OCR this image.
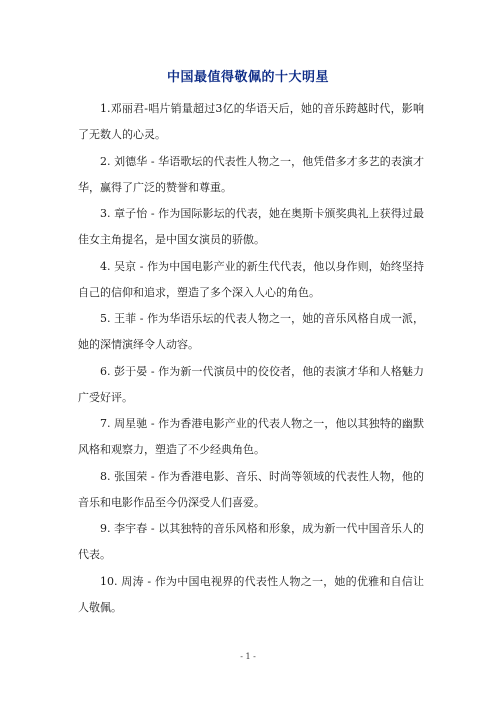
中国最值得敬佩的十大明星
1.邓丽君-唱片销量超过3亿的华语天后，她的音乐跨越时代，影响了无数人的心灵。
2. 刘德华 - 华语歌坛的代表性人物之一，他凭借多才多艺的表演才华，赢得了广泛的赞誉和尊重。
3. 章子怡 - 作为国际影坛的代表，她在奥斯卡颁奖典礼上获得过最佳女主角提名，是中国女演员的骄傲。
4. 吴京 - 作为中国电影产业的新生代代表，他以身作则，始终坚持自己的信仰和追求，塑造了多个深入人心的角色。
5. 王菲 - 作为华语乐坛的代表人物之一，她的音乐风格自成一派，她的深情演绎令人动容。
6. 彭于晏 - 作为新一代演员中的佼佼者，他的表演才华和人格魅力广受好评。
7. 周星驰 - 作为香港电影产业的代表人物之一，他以其独特的幽默风格和观察力，塑造了不少经典角色。
8. 张国荣 - 作为香港电影、音乐、时尚等领域的代表性人物，他的音乐和电影作品至今仍深受人们喜爱。
9. 李宇春 - 以其独特的音乐风格和形象，成为新一代中国音乐人的代表。
10. 周涛 - 作为中国电视界的代表性人物之一，她的优雅和自信让人敬佩。
- 1 -
